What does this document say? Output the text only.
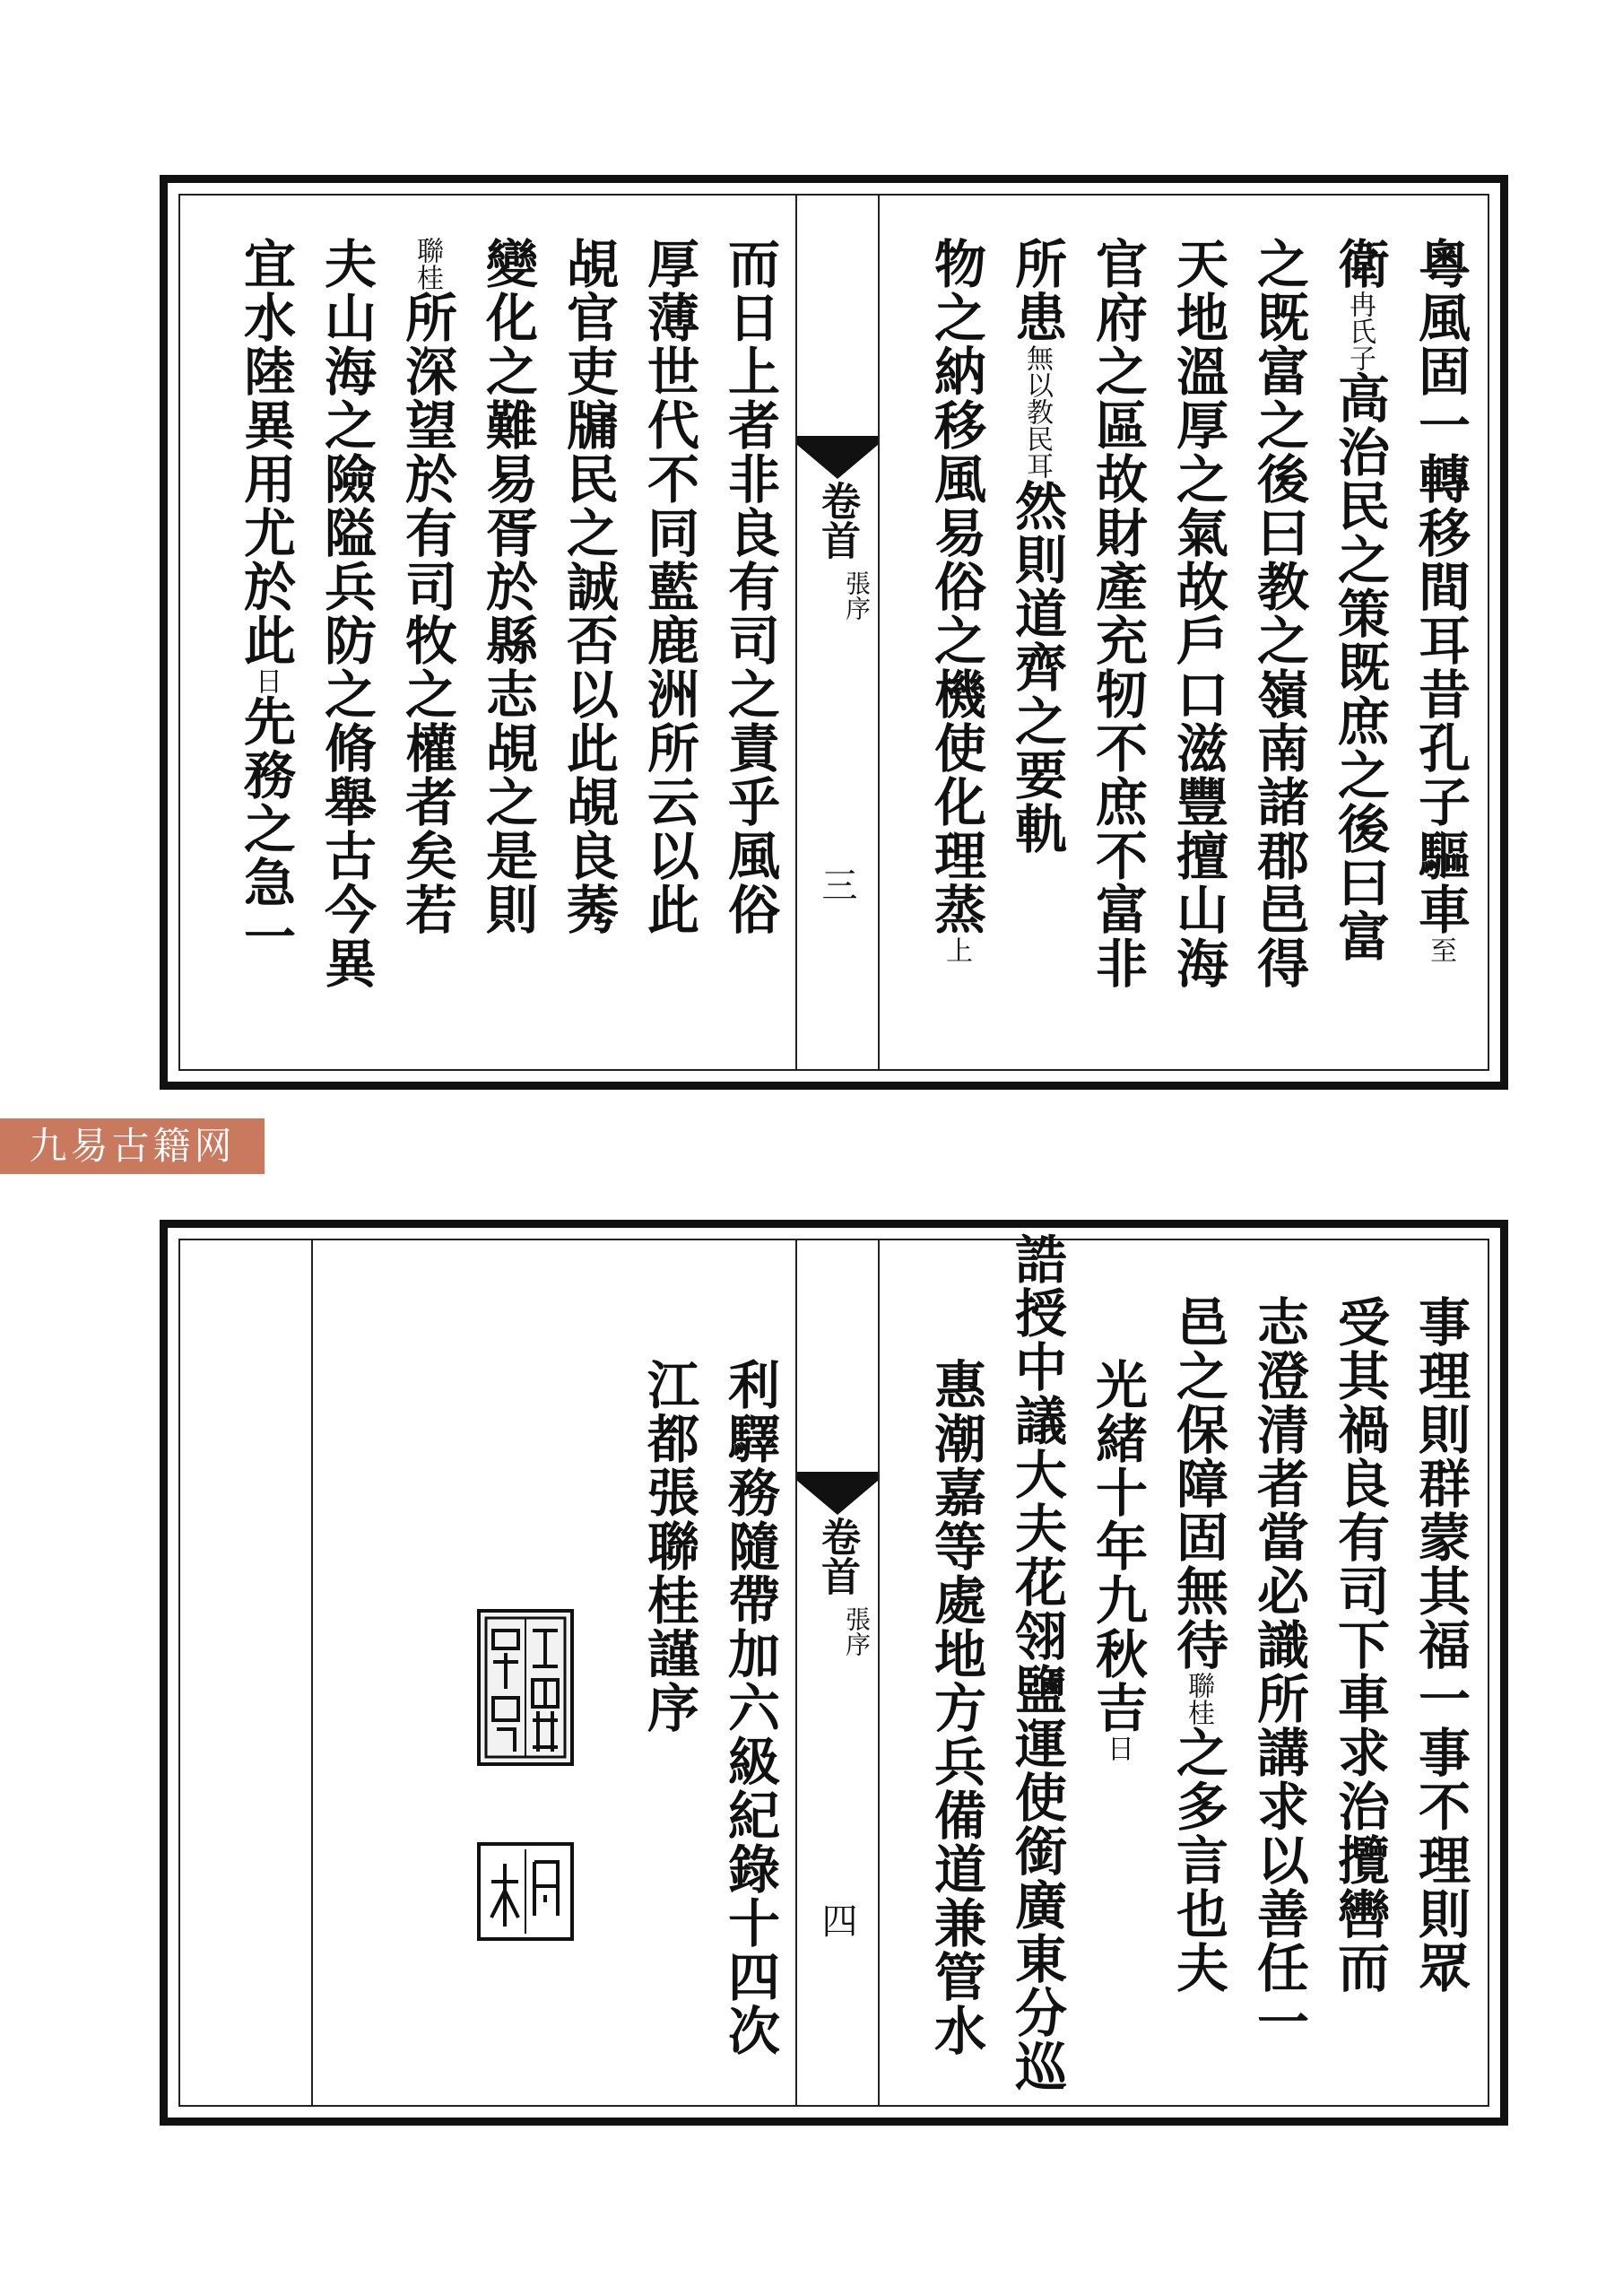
九易古籍网
粵風固一轉移間耳昔孔子驅車至
衛冉氏子高治民之策既庶之後曰富
之既富之後曰教之嶺南諸郡邑得
天地溫厚之氣故戶口滋豐擅山海
官府之區故財產充牣不庶不富非
所患無以教民耳然則道齊之要軌
物之納移風易俗之機使化理蒸上
卷首
張序
三
而日上者非良有司之責乎風俗
厚薄世代不同藍鹿洲所云以此
覘官吏牖民之誠否以此覘良莠
變化之難易胥於縣志覘之是則
聯桂所深望於有司牧之權者矣若
夫山海之險隘兵防之脩舉古今異
宜水陸異用尤於此日先務之急一
事理則群蒙其福一事不理則眾
受其禍良有司下車求治攬轡而
志澄清者當必識所講求以善任一
邑之保障固無待聯桂之多言也夫
光緒十年九秋吉日
誥授中議大夫花翎鹽運使銜廣東分巡
惠潮嘉等處地方兵備道兼管水
卷首
張序
四
利驛務隨帶加六級紀錄十四次
江都張聯桂謹序
